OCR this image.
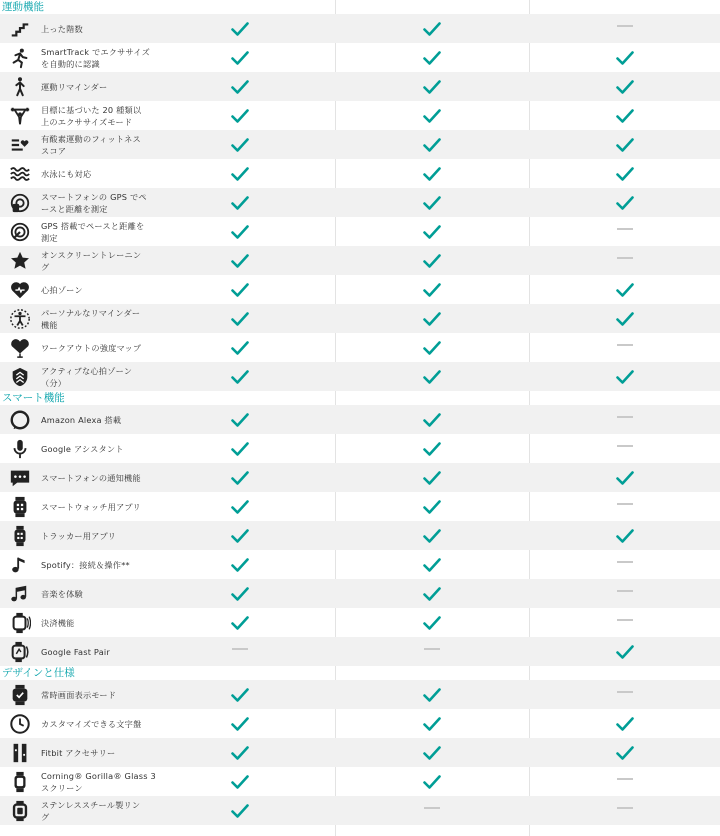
運動機能
上った階数
SmartTrack でエクササイズ
を自動的に認識
運動リマインダー
目標に基づいた 20 種類以
上のエクササイズモード
有酸素運動のフィットネス
スコア
水泳にも対応
スマートフォンの GPS でペ
ースと距離を測定
GPS 搭載でペースと距離を
測定
オンスクリーントレーニン
グ
心拍ゾーン
パーソナルなリマインダー
機能
ワークアウトの強度マップ
アクティブな心拍ゾーン
（分）
スマート機能
Amazon Alexa 搭載
Google アシスタント
スマートフォンの通知機能
スマートウォッチ用アプリ
トラッカー用アプリ
Spotify：接続＆操作**
音楽を体験
決済機能
Google Fast Pair
デザインと仕様
常時画面表示モード
カスタマイズできる文字盤
Fitbit アクセサリー
Corning® Gorilla® Glass 3
スクリーン
ステンレススチール製リン
グ
